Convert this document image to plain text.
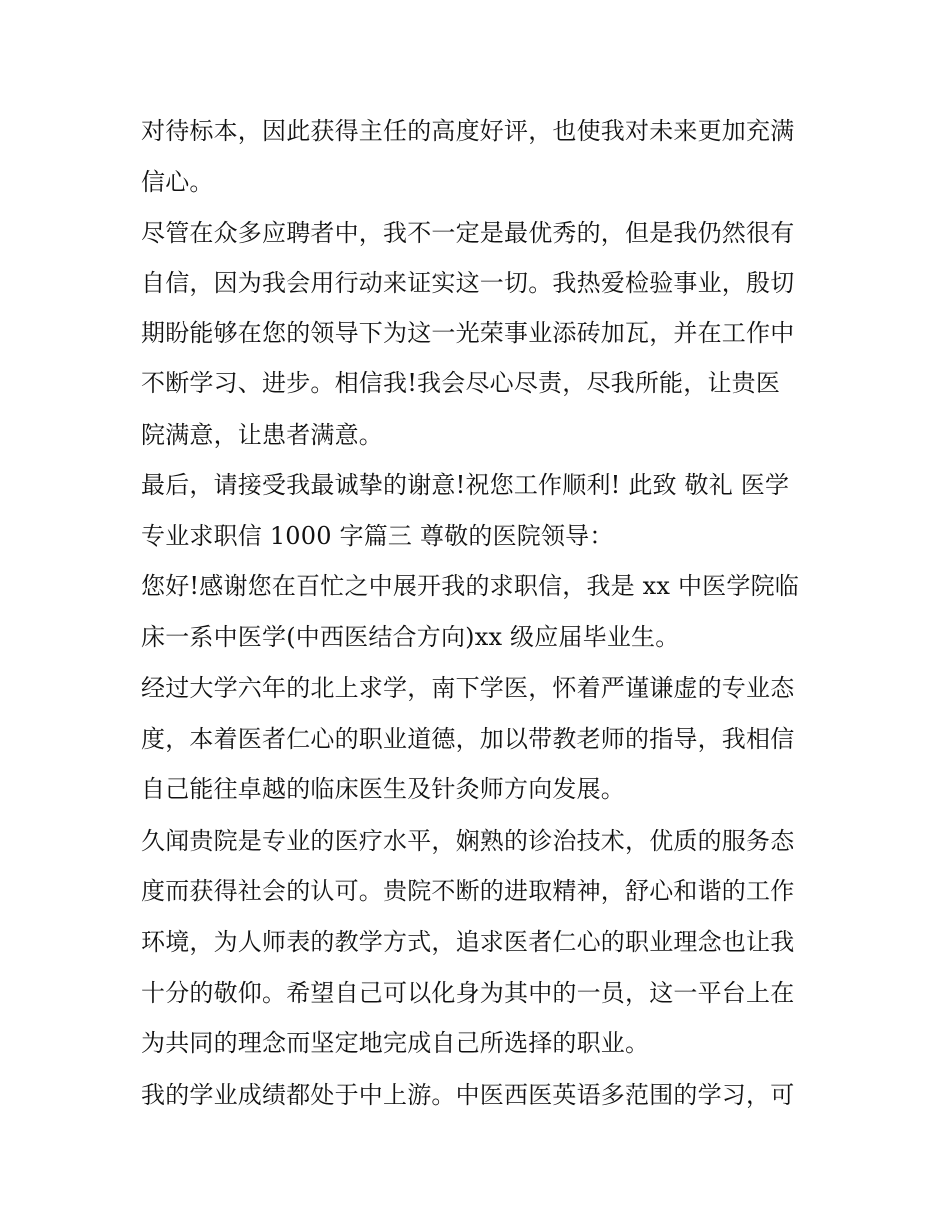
对待标本，因此获得主任的高度好评，也使我对未来更加充满
信心。
尽管在众多应聘者中，我不一定是最优秀的，但是我仍然很有
自信，因为我会用行动来证实这一切。我热爱检验事业，殷切
期盼能够在您的领导下为这一光荣事业添砖加瓦，并在工作中
不断学习、进步。相信我!我会尽心尽责，尽我所能，让贵医
院满意，让患者满意。
最后，请接受我最诚挚的谢意!祝您工作顺利! 此致 敬礼 医学
专业求职信 1000 字篇三 尊敬的医院领导：
您好!感谢您在百忙之中展开我的求职信，我是 xx 中医学院临
床一系中医学(中西医结合方向)xx 级应届毕业生。
经过大学六年的北上求学，南下学医，怀着严谨谦虚的专业态
度，本着医者仁心的职业道德，加以带教老师的指导，我相信
自己能往卓越的临床医生及针灸师方向发展。
久闻贵院是专业的医疗水平，娴熟的诊治技术，优质的服务态
度而获得社会的认可。贵院不断的进取精神，舒心和谐的工作
环境，为人师表的教学方式，追求医者仁心的职业理念也让我
十分的敬仰。希望自己可以化身为其中的一员，这一平台上在
为共同的理念而坚定地完成自己所选择的职业。
我的学业成绩都处于中上游。中医西医英语多范围的学习，可
